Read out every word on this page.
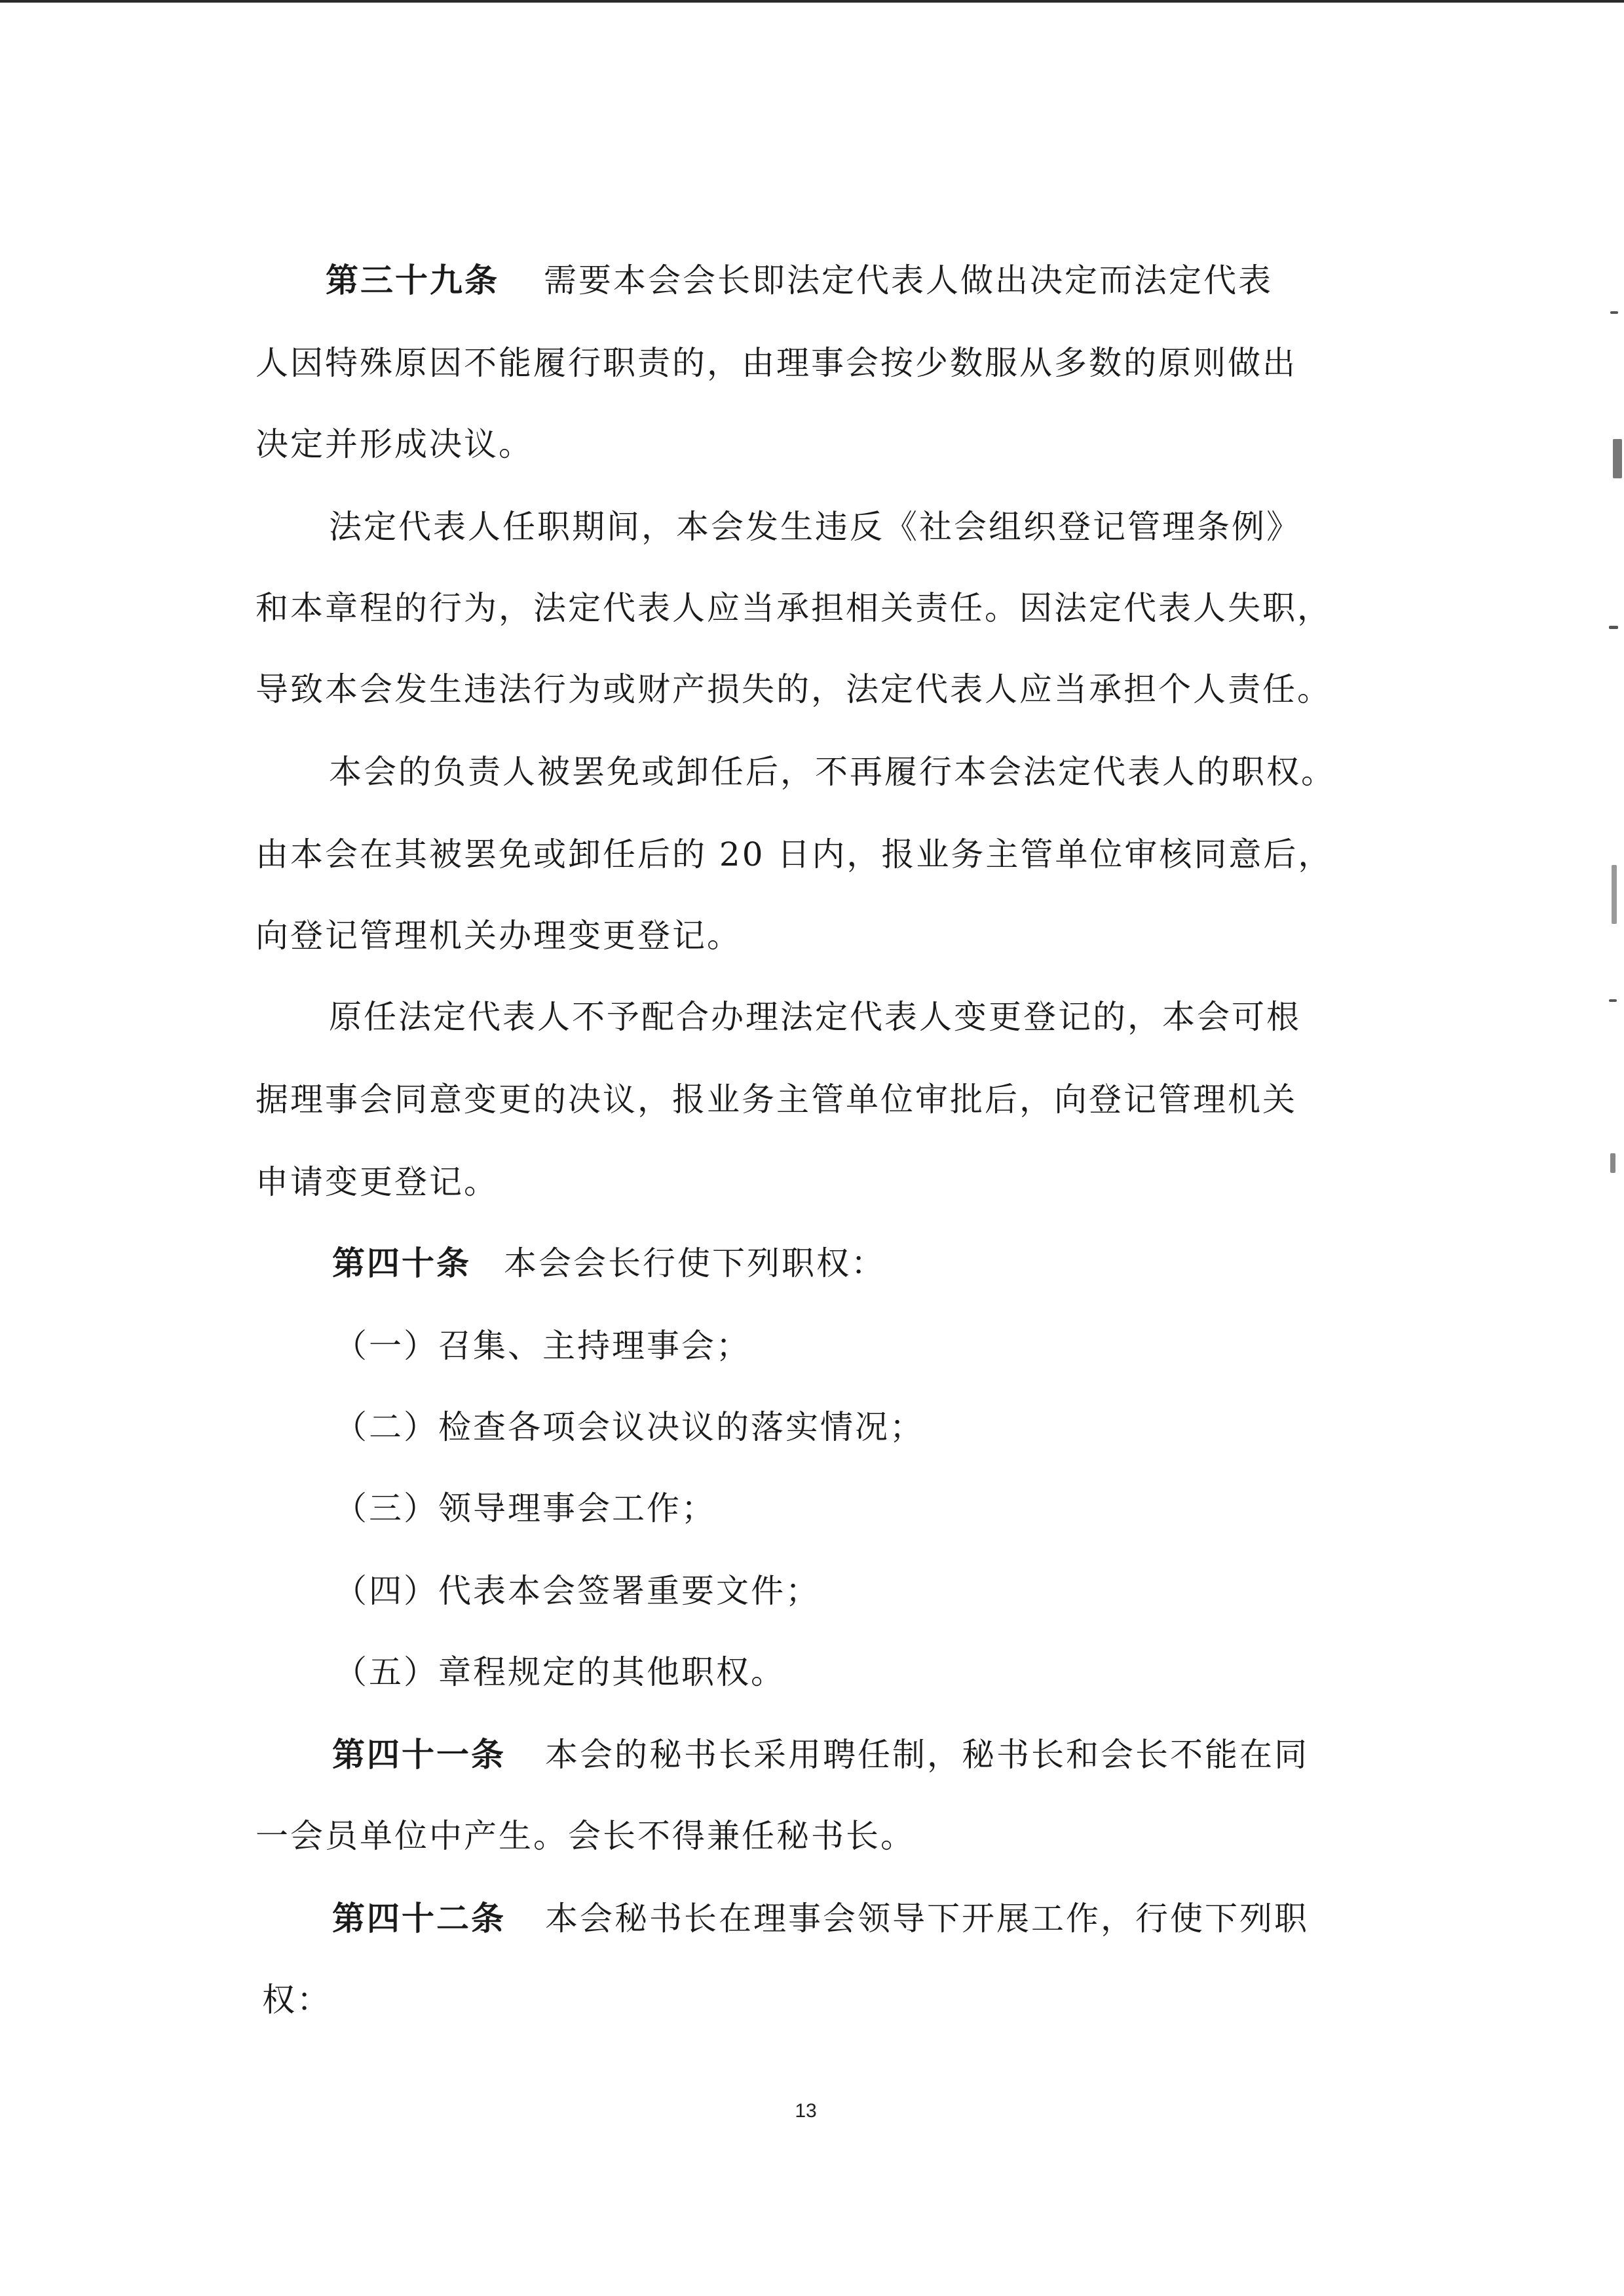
第三十九条 需要本会会长即法定代表人做出决定而法定代表
人因特殊原因不能履行职责的，由理事会按少数服从多数的原则做出
决定并形成决议。
法定代表人任职期间，本会发生违反《社会组织登记管理条例》
和本章程的行为，法定代表人应当承担相关责任。因法定代表人失职，
导致本会发生违法行为或财产损失的，法定代表人应当承担个人责任。
本会的负责人被罢免或卸任后，不再履行本会法定代表人的职权。
由本会在其被罢免或卸任后的 20 日内，报业务主管单位审核同意后，
向登记管理机关办理变更登记。
原任法定代表人不予配合办理法定代表人变更登记的，本会可根
据理事会同意变更的决议，报业务主管单位审批后，向登记管理机关
申请变更登记。
第四十条 本会会长行使下列职权：
（一）召集、主持理事会；
（二）检查各项会议决议的落实情况；
（三）领导理事会工作；
（四）代表本会签署重要文件；
（五）章程规定的其他职权。
第四十一条 本会的秘书长采用聘任制，秘书长和会长不能在同
一会员单位中产生。会长不得兼任秘书长。
第四十二条 本会秘书长在理事会领导下开展工作，行使下列职
权：
13
